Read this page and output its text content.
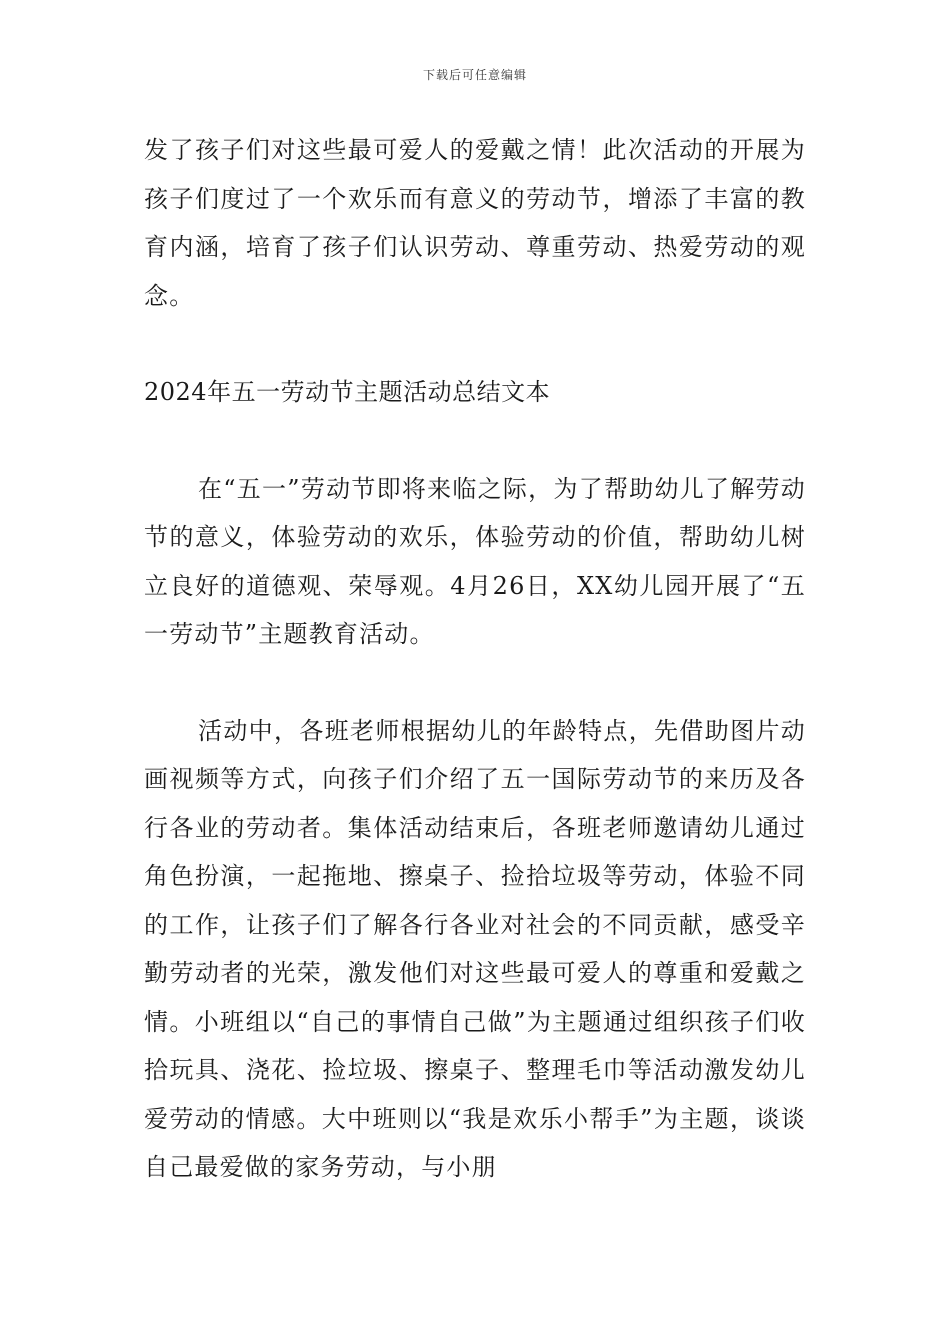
下载后可任意编辑

发了孩子们对这些最可爱人的爱戴之情！此次活动的开展为孩子们度过了一个欢乐而有意义的劳动节，增添了丰富的教育内涵，培育了孩子们认识劳动、尊重劳动、热爱劳动的观念。

2024年五一劳动节主题活动总结文本

在“五一”劳动节即将来临之际，为了帮助幼儿了解劳动节的意义，体验劳动的欢乐，体验劳动的价值，帮助幼儿树立良好的道德观、荣辱观。4月26日，XX幼儿园开展了“五一劳动节”主题教育活动。

活动中，各班老师根据幼儿的年龄特点，先借助图片动画视频等方式，向孩子们介绍了五一国际劳动节的来历及各行各业的劳动者。集体活动结束后，各班老师邀请幼儿通过角色扮演，一起拖地、擦桌子、捡拾垃圾等劳动，体验不同的工作，让孩子们了解各行各业对社会的不同贡献，感受辛勤劳动者的光荣，激发他们对这些最可爱人的尊重和爱戴之情。小班组以“自己的事情自己做”为主题通过组织孩子们收拾玩具、浇花、捡垃圾、擦桌子、整理毛巾等活动激发幼儿爱劳动的情感。大中班则以“我是欢乐小帮手”为主题，谈谈自己最爱做的家务劳动，与小朋
